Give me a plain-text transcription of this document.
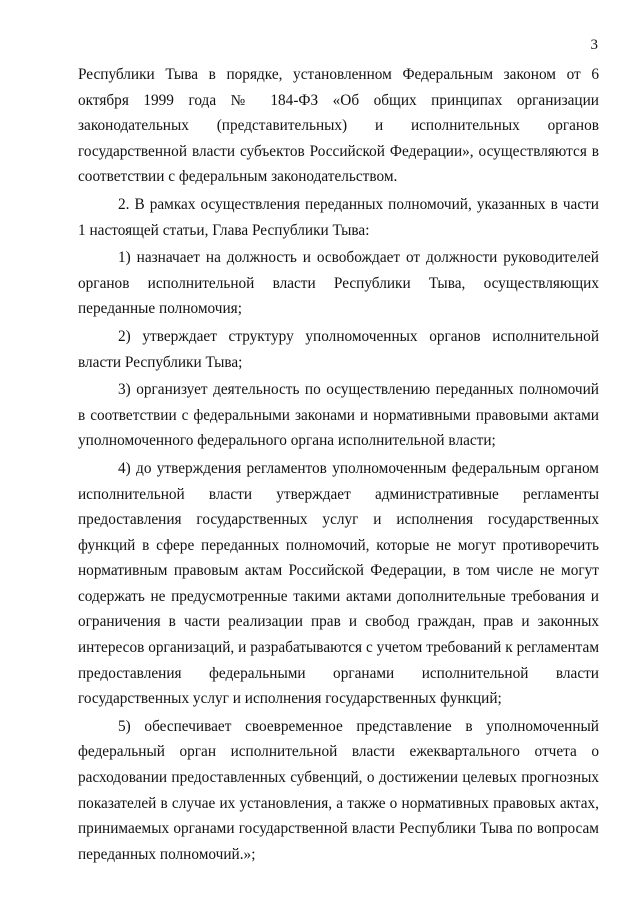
3

Республики Тыва в порядке, установленном Федеральным законом от 6 октября 1999 года № 184-ФЗ «Об общих принципах организации законодательных (представительных) и исполнительных органов государственной власти субъектов Российской Федерации», осуществляются в соответствии с федеральным законодательством.

2. В рамках осуществления переданных полномочий, указанных в части 1 настоящей статьи, Глава Республики Тыва:

1) назначает на должность и освобождает от должности руководителей органов исполнительной власти Республики Тыва, осуществляющих переданные полномочия;

2) утверждает структуру уполномоченных органов исполнительной власти Республики Тыва;

3) организует деятельность по осуществлению переданных полномочий в соответствии с федеральными законами и нормативными правовыми актами уполномоченного федерального органа исполнительной власти;

4) до утверждения регламентов уполномоченным федеральным органом исполнительной власти утверждает административные регламенты предоставления государственных услуг и исполнения государственных функций в сфере переданных полномочий, которые не могут противоречить нормативным правовым актам Российской Федерации, в том числе не могут содержать не предусмотренные такими актами дополнительные требования и ограничения в части реализации прав и свобод граждан, прав и законных интересов организаций, и разрабатываются с учетом требований к регламентам предоставления федеральными органами исполнительной власти государственных услуг и исполнения государственных функций;

5) обеспечивает своевременное представление в уполномоченный федеральный орган исполнительной власти ежеквартального отчета о расходовании предоставленных субвенций, о достижении целевых прогнозных показателей в случае их установления, а также о нормативных правовых актах, принимаемых органами государственной власти Республики Тыва по вопросам переданных полномочий.»;
